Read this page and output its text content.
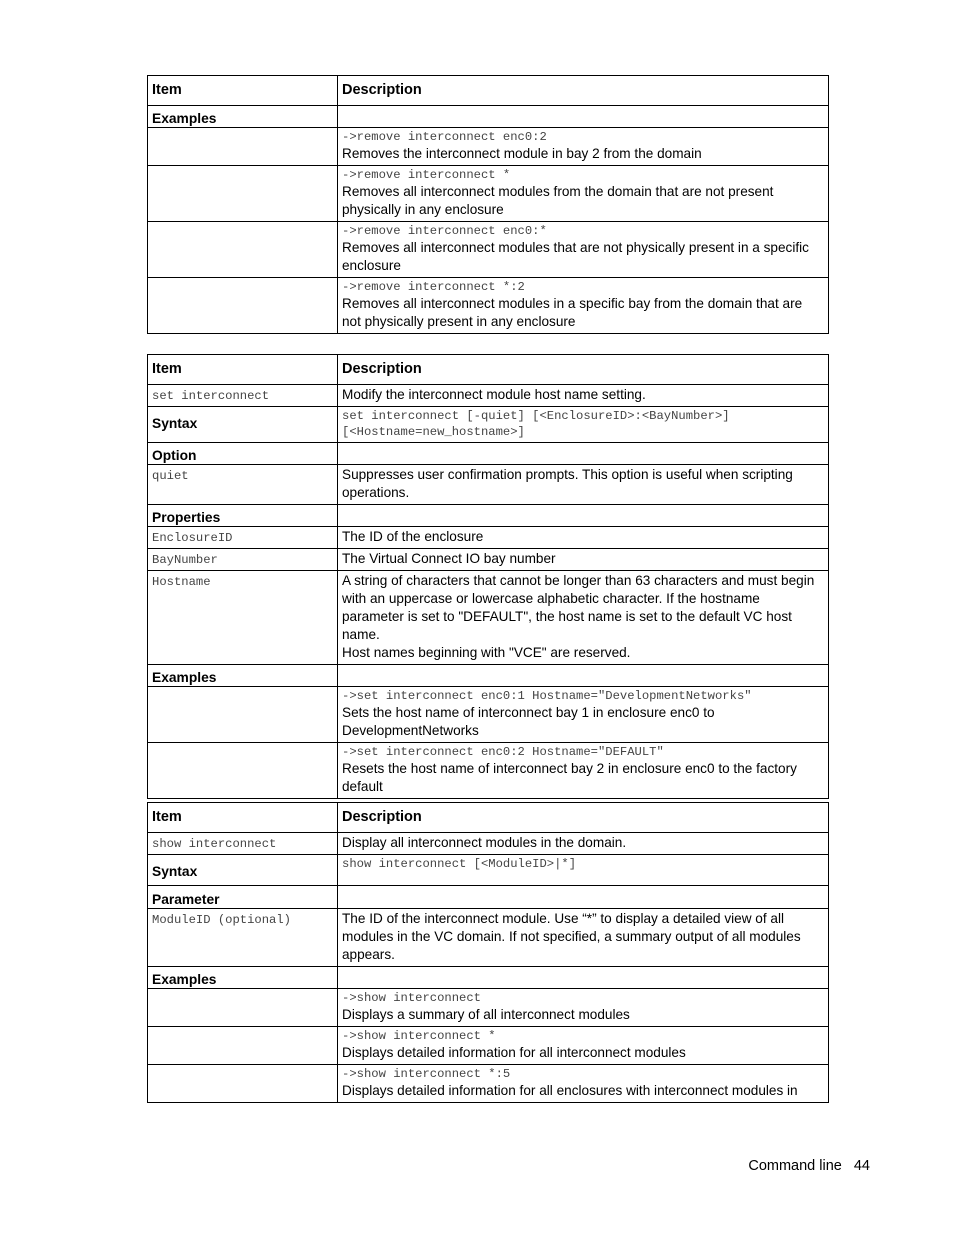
Item	Description
Examples	

	->remove interconnect enc0:2
Removes the interconnect module in bay 2 from the domain

	->remove interconnect *
Removes all interconnect modules from the domain that are not present physically in any enclosure

	->remove interconnect enc0:*
Removes all interconnect modules that are not physically present in a specific enclosure

	->remove interconnect *:2
Removes all interconnect modules in a specific bay from the domain that are not physically present in any enclosure
Item	Description
set interconnect	Modify the interconnect module host name setting.
Syntax	set interconnect [-quiet] [<EnclosureID>:<BayNumber>]
[<Hostname=new_hostname>]

Option	
quiet	Suppresses user confirmation prompts. This option is useful when scripting operations.
Properties	
EnclosureID	The ID of the enclosure
BayNumber	The Virtual Connect IO bay number
Hostname	A string of characters that cannot be longer than 63 characters and must begin with an uppercase or lowercase alphabetic character. If the hostname parameter is set to "DEFAULT", the host name is set to the default VC host name.
Host names beginning with "VCE" are reserved.

Examples	

	->set interconnect enc0:1 Hostname="DevelopmentNetworks"
Sets the host name of interconnect bay 1 in enclosure enc0 to DevelopmentNetworks

	->set interconnect enc0:2 Hostname="DEFAULT"
Resets the host name of interconnect bay 2 in enclosure enc0 to the factory default
Item	Description
show interconnect	Display all interconnect modules in the domain.
Syntax	show interconnect [<ModuleID>|*]

Parameter	
ModuleID (optional)	The ID of the interconnect module. Use “*” to display a detailed view of all modules in the VC domain. If not specified, a summary output of all modules appears.
Examples	

	->show interconnect
Displays a summary of all interconnect modules

	->show interconnect *
Displays detailed information for all interconnect modules

	->show interconnect *:5
Displays detailed information for all enclosures with interconnect modules in
Command line 44
